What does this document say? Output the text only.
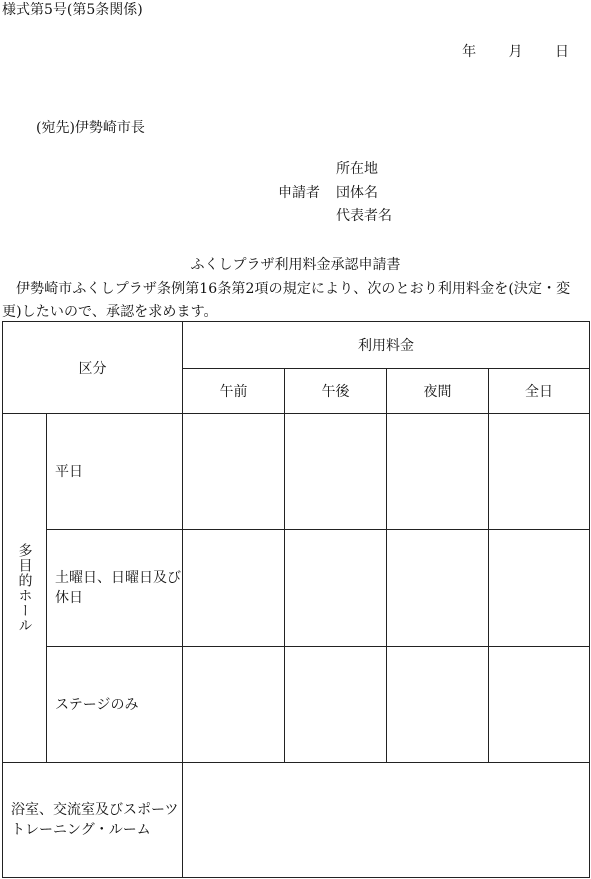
様式第5号(第5条関係)
年 月 日
(宛先)伊勢崎市長
申請者
所在地
団体名
代表者名
ふくしプラザ利用料金承認申請書
伊勢崎市ふくしプラザ条例第16条第2項の規定により、次のとおり利用料金を(決定・変更)したいので、承認を求めます。
区分		利用料金			
		午前	午後	夜間	全日

多目的ホール	平日				
	土曜日、日曜日及び休日				
	ステージのみ				
浴室、交流室及びスポーツトレーニング・ルーム					
